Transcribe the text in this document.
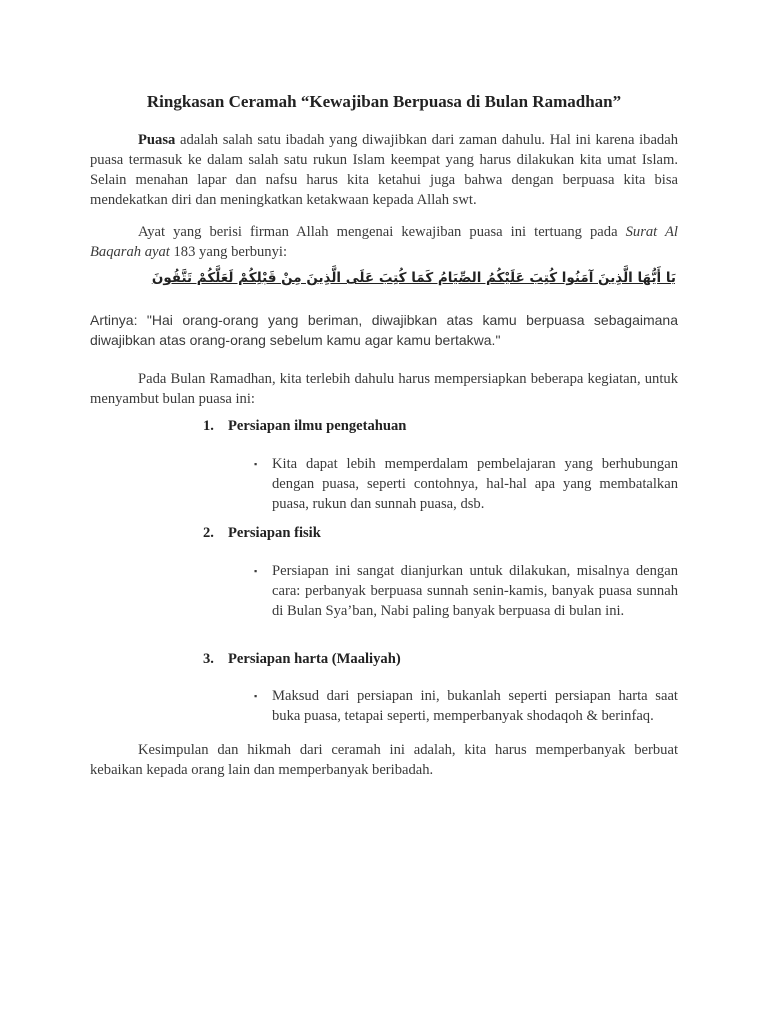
Ringkasan Ceramah “Kewajiban Berpuasa di Bulan Ramadhan”
Puasa adalah salah satu ibadah yang diwajibkan dari zaman dahulu. Hal ini karena ibadah puasa termasuk ke dalam salah satu rukun Islam keempat yang harus dilakukan kita umat Islam. Selain menahan lapar dan nafsu harus kita ketahui juga bahwa dengan berpuasa kita bisa mendekatkan diri dan meningkatkan ketakwaan kepada Allah swt.
Ayat yang berisi firman Allah mengenai kewajiban puasa ini tertuang pada Surat Al Baqarah ayat 183 yang berbunyi:
يَا أَيُّهَا الَّذِينَ آمَنُوا كُتِبَ عَلَيْكُمُ الصِّيَامُ كَمَا كُتِبَ عَلَى الَّذِينَ مِنْ قَبْلِكُمْ لَعَلَّكُمْ تَتَّقُونَ
Artinya: "Hai orang-orang yang beriman, diwajibkan atas kamu berpuasa sebagaimana diwajibkan atas orang-orang sebelum kamu agar kamu bertakwa."
Pada Bulan Ramadhan, kita terlebih dahulu harus mempersiapkan beberapa kegiatan, untuk menyambut bulan puasa ini:
1. Persiapan ilmu pengetahuan
▪ Kita dapat lebih memperdalam pembelajaran yang berhubungan dengan puasa, seperti contohnya, hal-hal apa yang membatalkan puasa, rukun dan sunnah puasa, dsb.
2. Persiapan fisik
▪ Persiapan ini sangat dianjurkan untuk dilakukan, misalnya dengan cara: perbanyak berpuasa sunnah senin-kamis, banyak puasa sunnah di Bulan Sya’ban, Nabi paling banyak berpuasa di bulan ini.
3. Persiapan harta (Maaliyah)
▪ Maksud dari persiapan ini, bukanlah seperti persiapan harta saat buka puasa, tetapai seperti, memperbanyak shodaqoh & berinfaq.
Kesimpulan dan hikmah dari ceramah ini adalah, kita harus memperbanyak berbuat kebaikan kepada orang lain dan memperbanyak beribadah.
